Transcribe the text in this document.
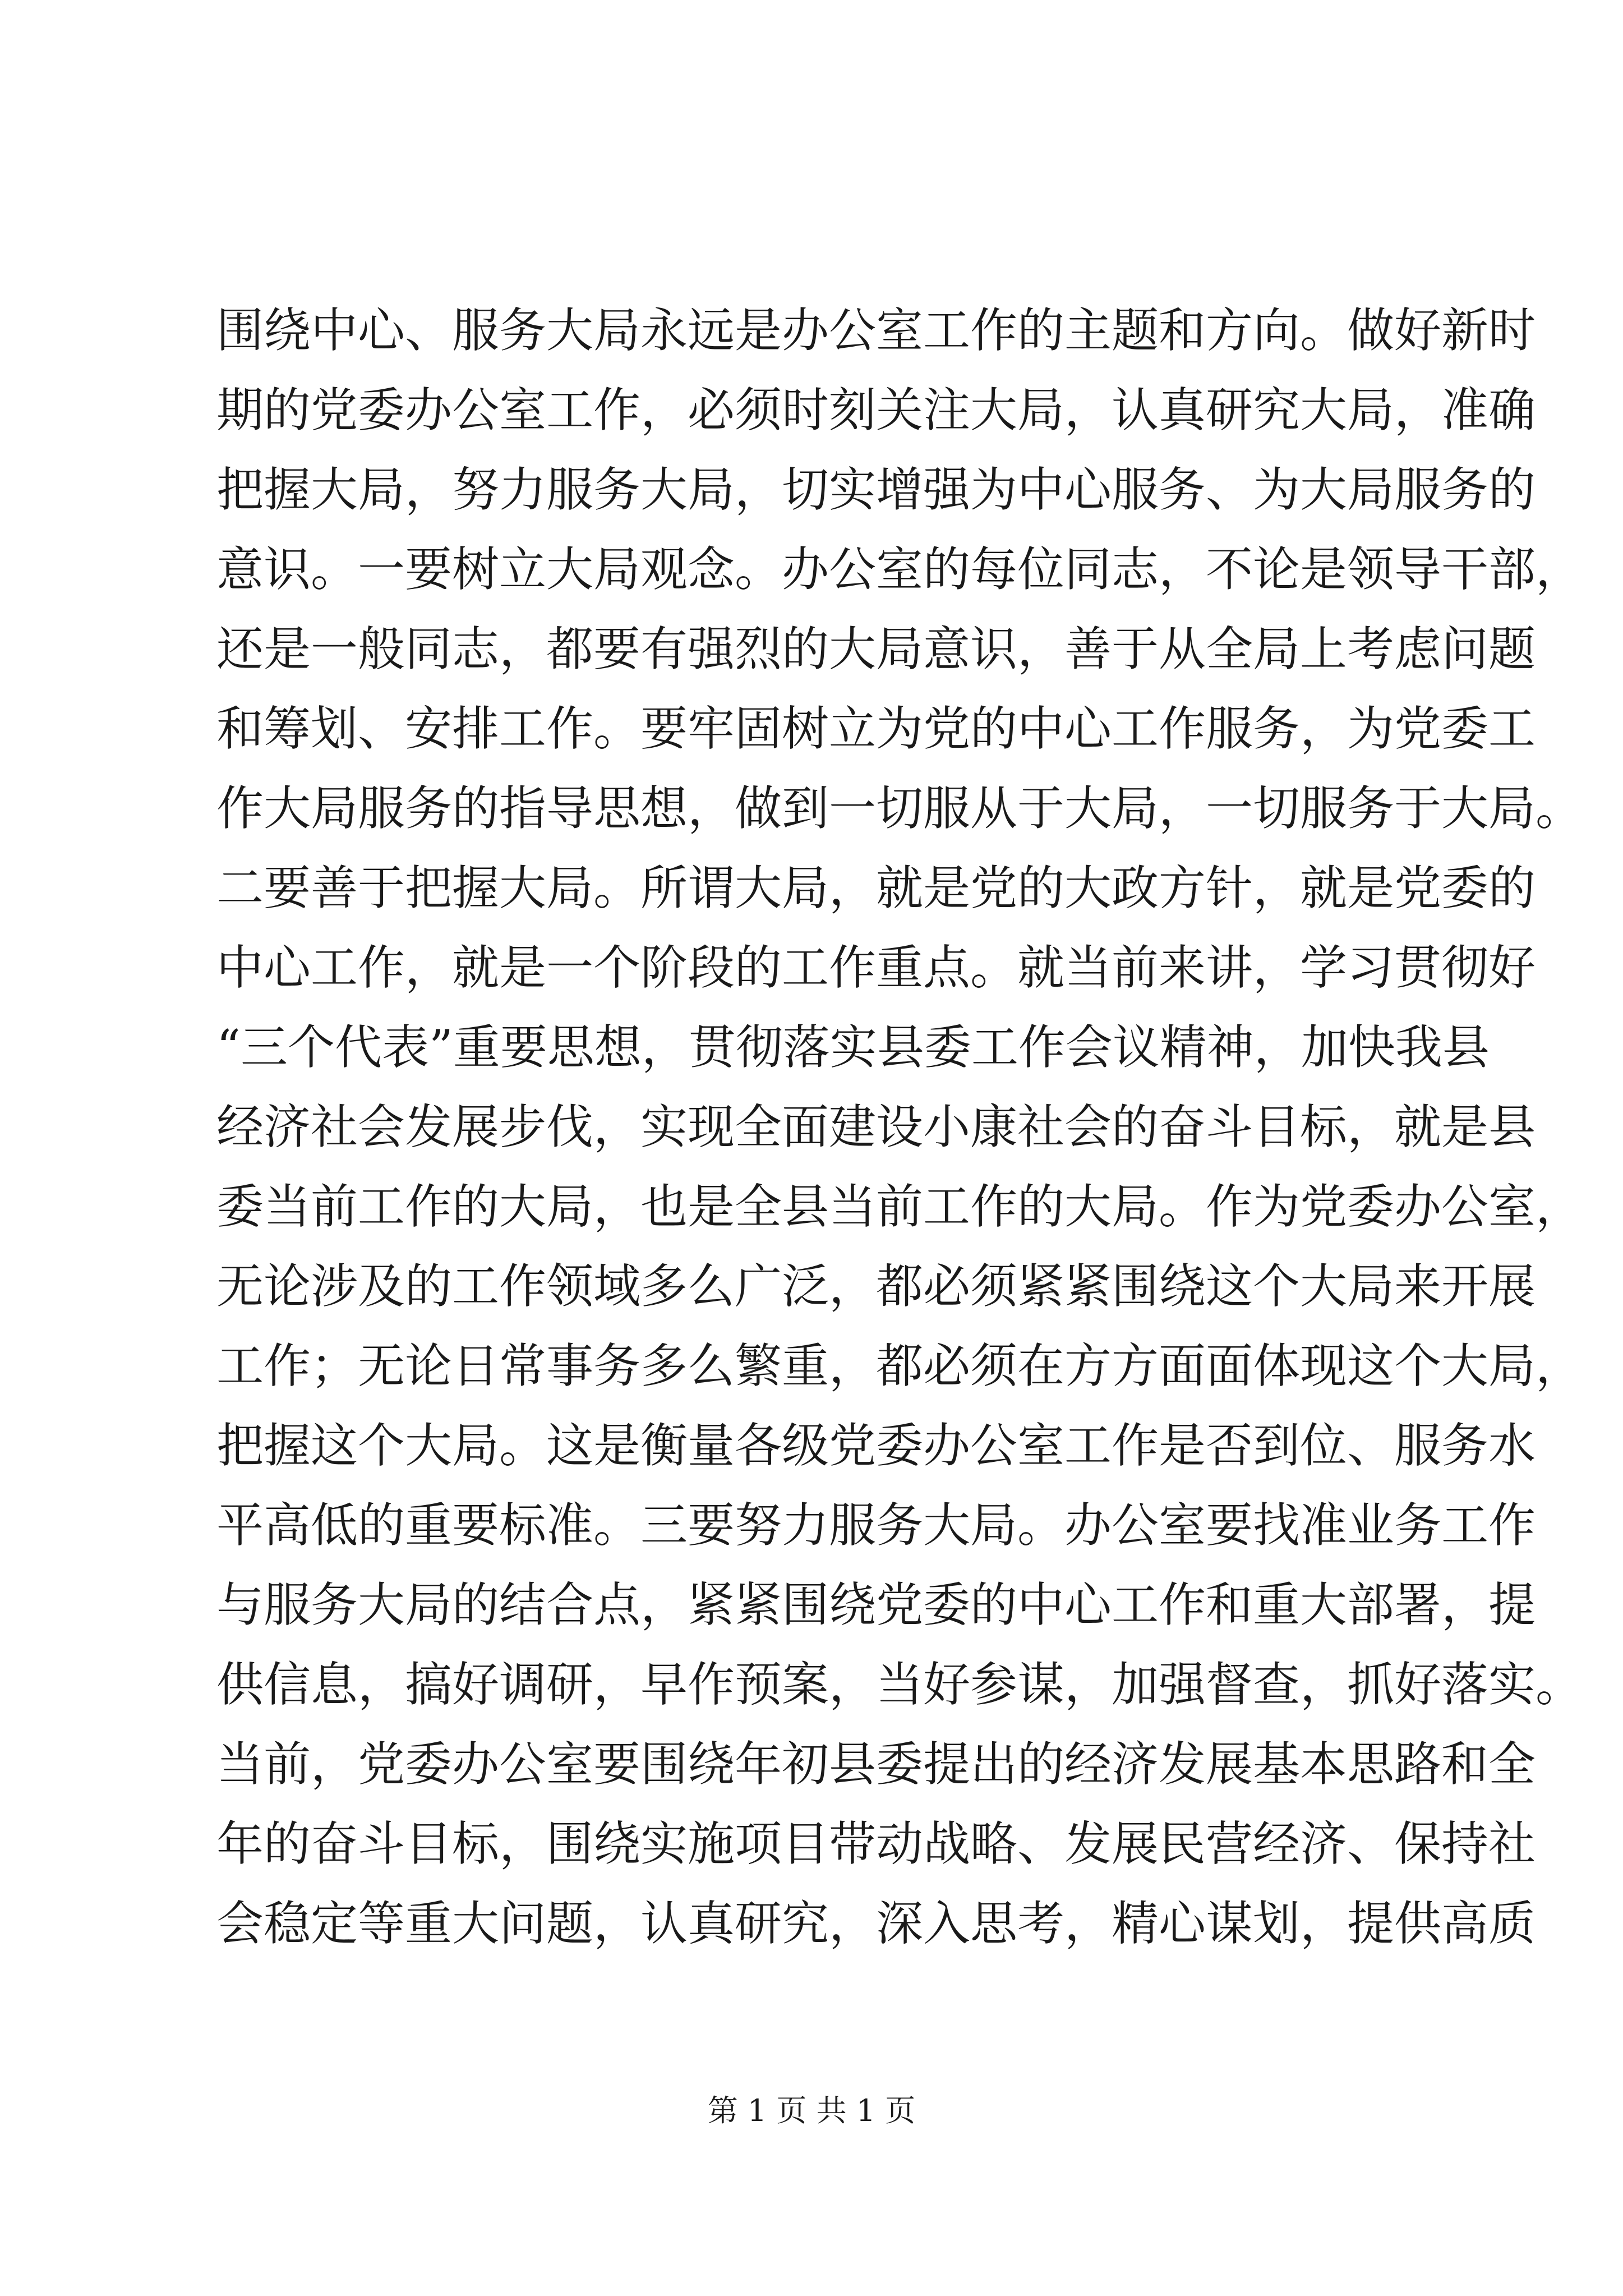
围绕中心、服务大局永远是办公室工作的主题和方向。做好新时
期的党委办公室工作，必须时刻关注大局，认真研究大局，准确
把握大局，努力服务大局，切实增强为中心服务、为大局服务的
意识。一要树立大局观念。办公室的每位同志，不论是领导干部，
还是一般同志，都要有强烈的大局意识，善于从全局上考虑问题
和筹划、安排工作。要牢固树立为党的中心工作服务，为党委工
作大局服务的指导思想，做到一切服从于大局，一切服务于大局。
二要善于把握大局。所谓大局，就是党的大政方针，就是党委的
中心工作，就是一个阶段的工作重点。就当前来讲，学习贯彻好
“三个代表”重要思想，贯彻落实县委工作会议精神，加快我县
经济社会发展步伐，实现全面建设小康社会的奋斗目标，就是县
委当前工作的大局，也是全县当前工作的大局。作为党委办公室，
无论涉及的工作领域多么广泛，都必须紧紧围绕这个大局来开展
工作；无论日常事务多么繁重，都必须在方方面面体现这个大局，
把握这个大局。这是衡量各级党委办公室工作是否到位、服务水
平高低的重要标准。三要努力服务大局。办公室要找准业务工作
与服务大局的结合点，紧紧围绕党委的中心工作和重大部署，提
供信息，搞好调研，早作预案，当好参谋，加强督查，抓好落实。
当前，党委办公室要围绕年初县委提出的经济发展基本思路和全
年的奋斗目标，围绕实施项目带动战略、发展民营经济、保持社
会稳定等重大问题，认真研究，深入思考，精心谋划，提供高质
第 1 页 共 1 页
